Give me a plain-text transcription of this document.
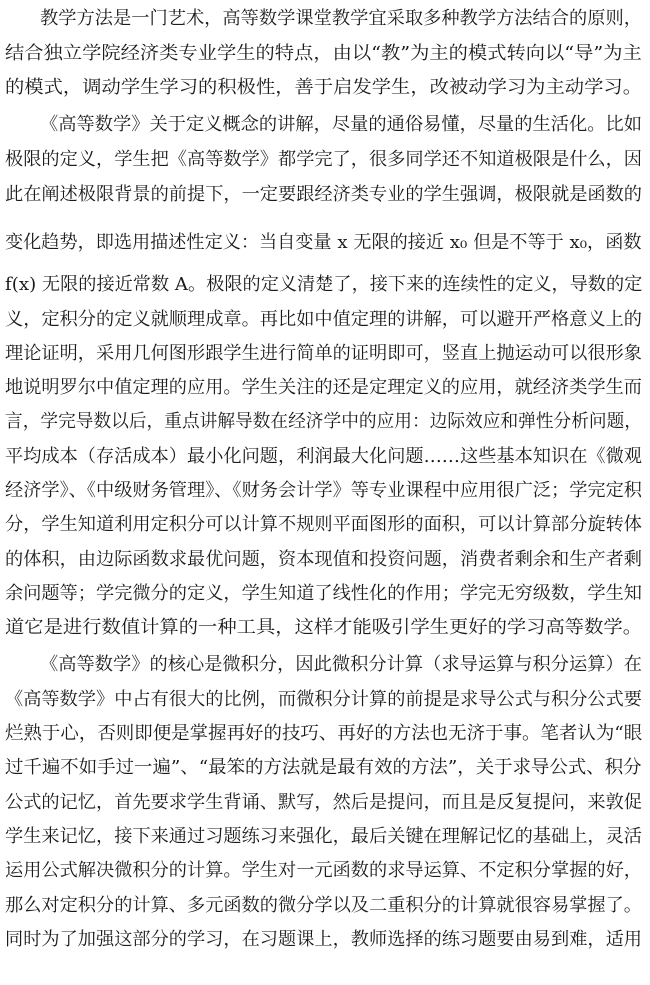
教学方法是一门艺术，高等数学课堂教学宜采取多种教学方法结合的原则，
结合独立学院经济类专业学生的特点，由以“教”为主的模式转向以“导”为主
的模式，调动学生学习的积极性，善于启发学生，改被动学习为主动学习。
《高等数学》关于定义概念的讲解，尽量的通俗易懂，尽量的生活化。比如
极限的定义，学生把《高等数学》都学完了，很多同学还不知道极限是什么，因
此在阐述极限背景的前提下，一定要跟经济类专业的学生强调，极限就是函数的
变化趋势，即选用描述性定义：当自变量 x 无限的接近 x₀ 但是不等于 x₀，函数
f(x) 无限的接近常数 A。极限的定义清楚了，接下来的连续性的定义，导数的定
义，定积分的定义就顺理成章。再比如中值定理的讲解，可以避开严格意义上的
理论证明，采用几何图形跟学生进行简单的证明即可，竖直上抛运动可以很形象
地说明罗尔中值定理的应用。学生关注的还是定理定义的应用，就经济类学生而
言，学完导数以后，重点讲解导数在经济学中的应用：边际效应和弹性分析问题，
平均成本（存活成本）最小化问题，利润最大化问题……这些基本知识在《微观
经济学》、《中级财务管理》、《财务会计学》等专业课程中应用很广泛；学完定积
分，学生知道利用定积分可以计算不规则平面图形的面积，可以计算部分旋转体
的体积，由边际函数求最优问题，资本现值和投资问题，消费者剩余和生产者剩
余问题等；学完微分的定义，学生知道了线性化的作用；学完无穷级数，学生知
道它是进行数值计算的一种工具，这样才能吸引学生更好的学习高等数学。
《高等数学》的核心是微积分，因此微积分计算（求导运算与积分运算）在
《高等数学》中占有很大的比例，而微积分计算的前提是求导公式与积分公式要
烂熟于心，否则即便是掌握再好的技巧、再好的方法也无济于事。笔者认为“眼
过千遍不如手过一遍”、“最笨的方法就是最有效的方法”，关于求导公式、积分
公式的记忆，首先要求学生背诵、默写，然后是提问，而且是反复提问，来敦促
学生来记忆，接下来通过习题练习来强化，最后关键在理解记忆的基础上，灵活
运用公式解决微积分的计算。学生对一元函数的求导运算、不定积分掌握的好，
那么对定积分的计算、多元函数的微分学以及二重积分的计算就很容易掌握了。
同时为了加强这部分的学习，在习题课上，教师选择的练习题要由易到难，适用
